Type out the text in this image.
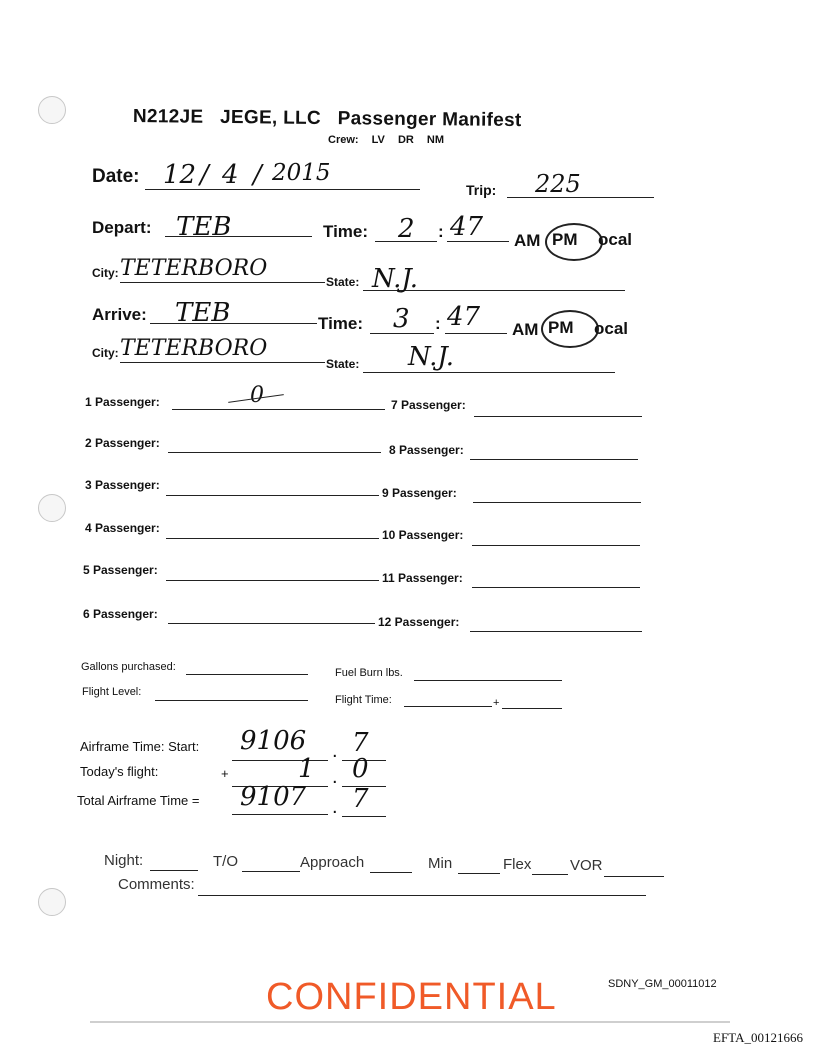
N212JE JEGE, LLC Passenger Manifest
Crew: LV DR NM
Date: 12 / 4 / 2015
Trip: 225
Depart: TEB	Time: 2 : 47 AM PM ocal
City: TETERBORO
State: N.J.
Arrive: TEB	Time: 3 : 47 AM PM ocal
City: TETERBORO
State: N.J.
1 Passenger:	0
2 Passenger:
3 Passenger:
4 Passenger:
5 Passenger:
6 Passenger:
7 Passenger:
8 Passenger:
9 Passenger:
10 Passenger:
11 Passenger:
12 Passenger:
Gallons purchased:	Fuel Burn lbs.
Flight Level:
Flight Time:	+
Airframe Time: Start: 9106 . 7
Today's flight:	+	1 . 0
Total Airframe Time = 9107 . 7
Night:	T/O	Approach	Min	Flex	VOR
Comments:
CONFIDENTIAL	SDNY_GM_00011012
EFTA_00121666
